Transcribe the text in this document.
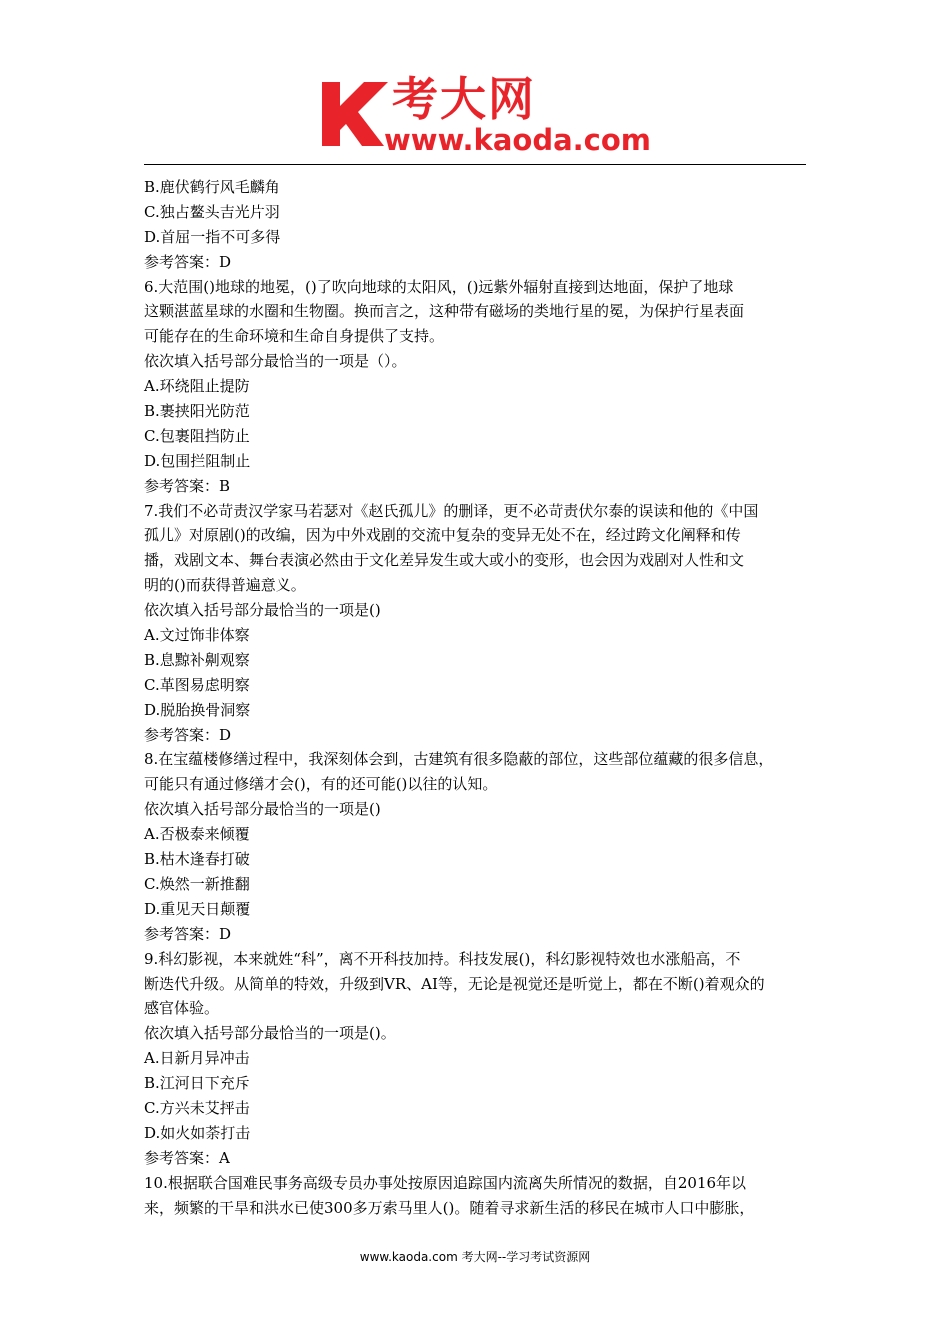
考大网
www.kaoda.com
B.鹿伏鹤行风毛麟角
C.独占鳌头吉光片羽
D.首屈一指不可多得
参考答案：D
6.大范围()地球的地冕，()了吹向地球的太阳风，()远紫外辐射直接到达地面，保护了地球
这颗湛蓝星球的水圈和生物圈。换而言之，这种带有磁场的类地行星的冕，为保护行星表面
可能存在的生命环境和生命自身提供了支持。
依次填入括号部分最恰当的一项是（）。
A.环绕阻止提防
B.裹挟阳光防范
C.包裹阻挡防止
D.包围拦阻制止
参考答案：B
7.我们不必苛责汉学家马若瑟对《赵氏孤儿》的删译，更不必苛责伏尔泰的误读和他的《中国
孤儿》对原剧()的改编，因为中外戏剧的交流中复杂的变异无处不在，经过跨文化阐释和传
播，戏剧文本、舞台表演必然由于文化差异发生或大或小的变形，也会因为戏剧对人性和文
明的()而获得普遍意义。
依次填入括号部分最恰当的一项是()
A.文过饰非体察
B.息黥补劓观察
C.革图易虑明察
D.脱胎换骨洞察
参考答案：D
8.在宝蕴楼修缮过程中，我深刻体会到，古建筑有很多隐蔽的部位，这些部位蕴藏的很多信息，
可能只有通过修缮才会()，有的还可能()以往的认知。
依次填入括号部分最恰当的一项是()
A.否极泰来倾覆
B.枯木逢春打破
C.焕然一新推翻
D.重见天日颠覆
参考答案：D
9.科幻影视，本来就姓“科”，离不开科技加持。科技发展()，科幻影视特效也水涨船高，不
断迭代升级。从简单的特效，升级到VR、AI等，无论是视觉还是听觉上，都在不断()着观众的
感官体验。
依次填入括号部分最恰当的一项是()。
A.日新月异冲击
B.江河日下充斥
C.方兴未艾抨击
D.如火如荼打击
参考答案：A
10.根据联合国难民事务高级专员办事处按原因追踪国内流离失所情况的数据，自2016年以
来，频繁的干旱和洪水已使300多万索马里人()。随着寻求新生活的移民在城市人口中膨胀，
www.kaoda.com 考大网--学习考试资源网
